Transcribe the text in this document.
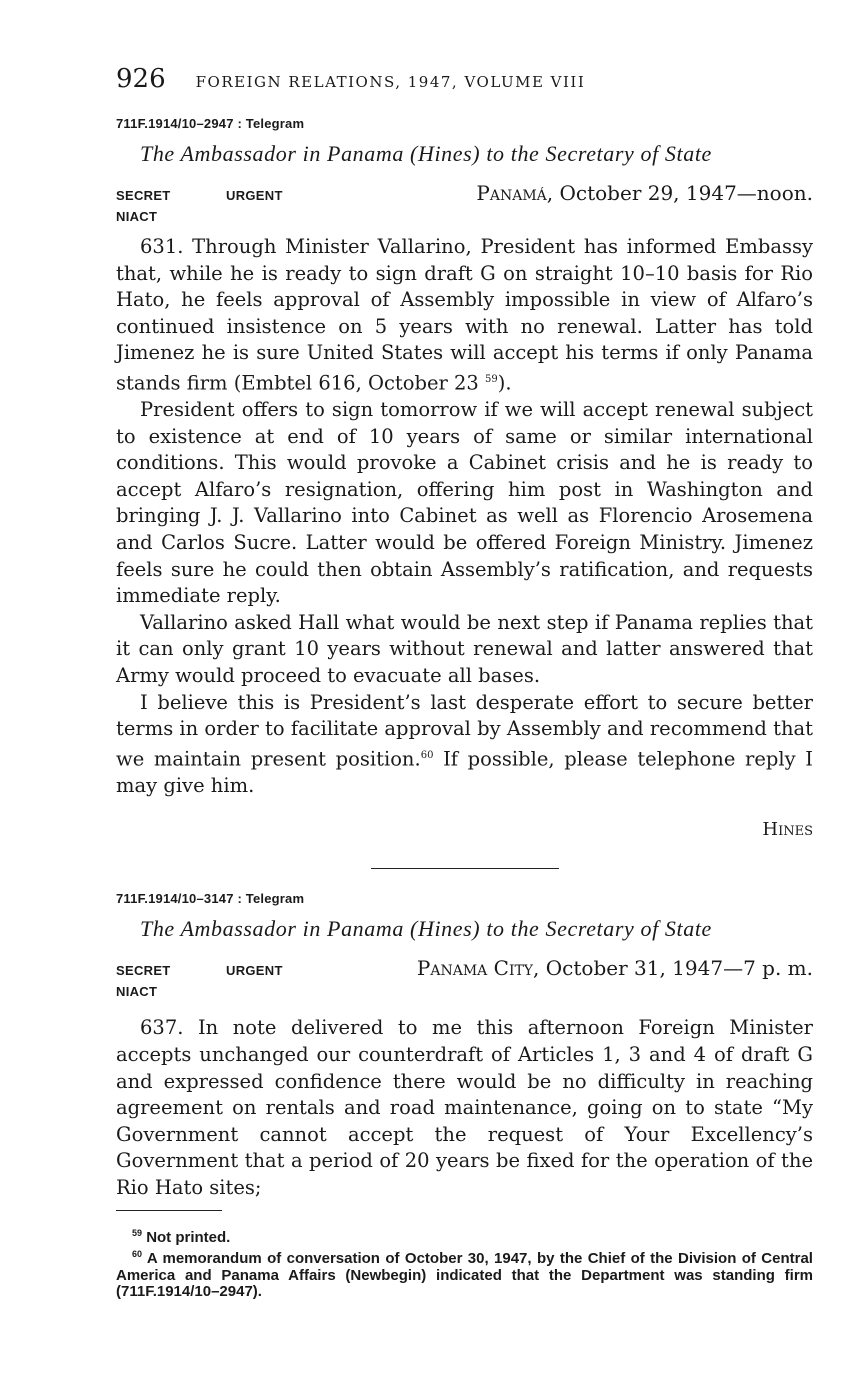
926 FOREIGN RELATIONS, 1947, VOLUME VIII
711F.1914/10–2947 : Telegram
The Ambassador in Panama (Hines) to the Secretary of State
SECRET	URGENT	Panamá, October 29, 1947—noon.
NIACT

631. Through Minister Vallarino, President has informed Embassy that, while he is ready to sign draft G on straight 10–10 basis for Rio Hato, he feels approval of Assembly impossible in view of Alfaro’s continued insistence on 5 years with no renewal. Latter has told Jimenez he is sure United States will accept his terms if only Panama stands firm (Embtel 616, October 23 $^{59}$).

President offers to sign tomorrow if we will accept renewal subject to existence at end of 10 years of same or similar international conditions. This would provoke a Cabinet crisis and he is ready to accept Alfaro’s resignation, offering him post in Washington and bringing J. J. Vallarino into Cabinet as well as Florencio Arosemena and Carlos Sucre. Latter would be offered Foreign Ministry. Jimenez feels sure he could then obtain Assembly’s ratification, and requests immediate reply.

Vallarino asked Hall what would be next step if Panama replies that it can only grant 10 years without renewal and latter answered that Army would proceed to evacuate all bases.

I believe this is President’s last desperate effort to secure better terms in order to facilitate approval by Assembly and recommend that we maintain present position.$^{60}$ If possible, please telephone reply I may give him.

Hines
711F.1914/10–3147 : Telegram
The Ambassador in Panama (Hines) to the Secretary of State
SECRET	URGENT	Panama City, October 31, 1947—7 p. m.
NIACT

637. In note delivered to me this afternoon Foreign Minister accepts unchanged our counterdraft of Articles 1, 3 and 4 of draft G and expressed confidence there would be no difficulty in reaching agreement on rentals and road maintenance, going on to state “My Government cannot accept the request of Your Excellency’s Government that a period of 20 years be fixed for the operation of the Rio Hato sites;

$^{59}$ Not printed.

$^{60}$ A memorandum of conversation of October 30, 1947, by the Chief of the Division of Central America and Panama Affairs (Newbegin) indicated that the Department was standing firm (711F.1914/10–2947).
